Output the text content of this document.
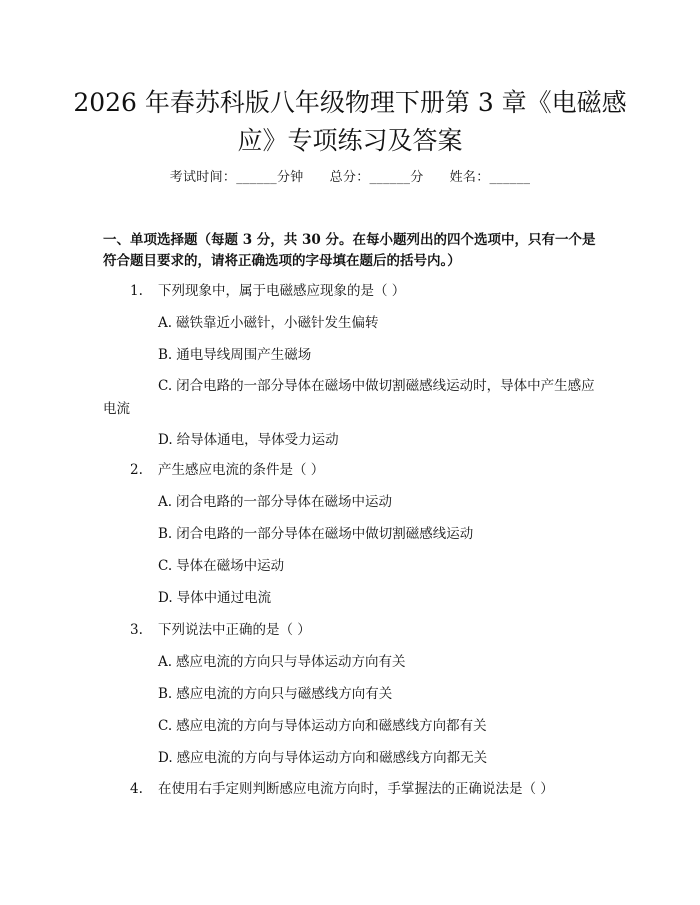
2026 年春苏科版八年级物理下册第 3 章《电磁感应》专项练习及答案
考试时间：______分钟 总分：______分 姓名：______
一、单项选择题（每题 3 分，共 30 分。在每小题列出的四个选项中，只有一个是符合题目要求的，请将正确选项的字母填在题后的括号内。）
1. 下列现象中，属于电磁感应现象的是（ ）
A. 磁铁靠近小磁针，小磁针发生偏转
B. 通电导线周围产生磁场
C. 闭合电路的一部分导体在磁场中做切割磁感线运动时，导体中产生感应电流
D. 给导体通电，导体受力运动
2. 产生感应电流的条件是（ ）
A. 闭合电路的一部分导体在磁场中运动
B. 闭合电路的一部分导体在磁场中做切割磁感线运动
C. 导体在磁场中运动
D. 导体中通过电流
3. 下列说法中正确的是（ ）
A. 感应电流的方向只与导体运动方向有关
B. 感应电流的方向只与磁感线方向有关
C. 感应电流的方向与导体运动方向和磁感线方向都有关
D. 感应电流的方向与导体运动方向和磁感线方向都无关
4. 在使用右手定则判断感应电流方向时，手掌握法的正确说法是（ ）
